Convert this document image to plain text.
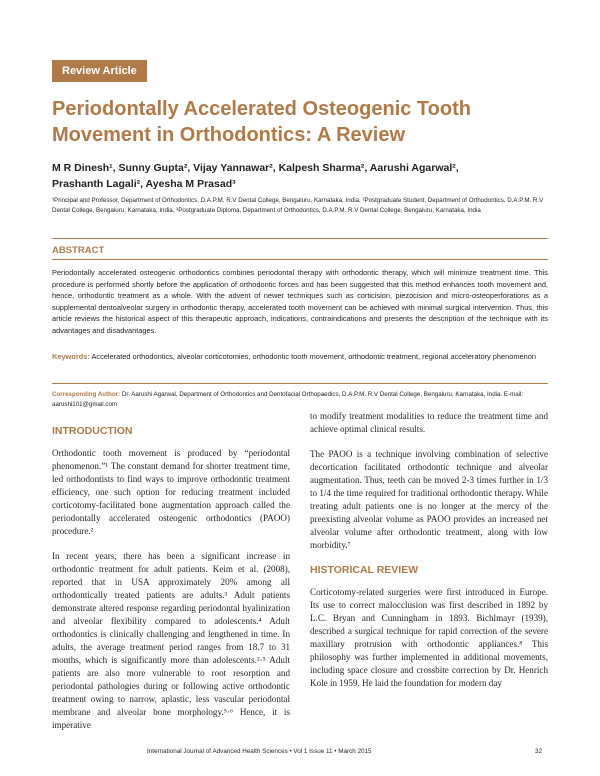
Review Article
Periodontally Accelerated Osteogenic Tooth Movement in Orthodontics: A Review
M R Dinesh¹, Sunny Gupta², Vijay Yannawar², Kalpesh Sharma², Aarushi Agarwal²,
Prashanth Lagali², Ayesha M Prasad³

¹Principal and Professor, Department of Orthodontics, D.A.P.M. R.V Dental College, Bengaluru, Karnataka, India, ²Postgraduate Student, Department of Orthodontics, D.A.P.M. R.V Dental College, Bengaluru, Karnataka, India, ³Postgraduate Diploma, Department of Orthodontics, D.A.P.M. R.V Dental College, Bengaluru, Karnataka, India

ABSTRACT

Periodontally accelerated osteogenic orthodontics combines periodontal therapy with orthodontic therapy, which will minimize treatment time. This procedure is performed shortly before the application of orthodontic forces and has been suggested that this method enhances tooth movement and, hence, orthodontic treatment as a whole. With the advent of newer techniques such as corticision, piezocision and micro-osteoperforations as a supplemental dentoalveolar surgery in orthodontic therapy, accelerated tooth movement can be achieved with minimal surgical intervention. Thus, this article reviews the historical aspect of this therapeutic approach, indications, contraindications and presents the description of the technique with its advantages and disadvantages.

Keywords: Accelerated orthodontics, alveolar corticotomies, orthodontic tooth movement, orthodontic treatment, regional acceleratory phenomenon

Corresponding Author: Dr. Aarushi Agarwal, Department of Orthodontics and Dentofacial Orthopaedics, D.A.P.M. R.V Dental College, Bengaluru, Karnataka, India. E-mail: aarushi101@gmail.com

INTRODUCTION

Orthodontic tooth movement is produced by “periodontal phenomenon.”¹ The constant demand for shorter treatment time, led orthodontists to find ways to improve orthodontic treatment efficiency, one such option for reducing treatment included corticotomy-facilitated bone augmentation approach called the periodontally accelerated osteogenic orthodontics (PAOO) procedure.²

In recent years, there has been a significant increase in orthodontic treatment for adult patients. Keim et al. (2008), reported that in USA approximately 20% among all orthodontically treated patients are adults.³ Adult patients demonstrate altered response regarding periodontal hyalinization and alveolar flexibility compared to adolescents.⁴ Adult orthodontics is clinically challenging and lengthened in time. In adults, the average treatment period ranges from 18.7 to 31 months, which is significantly more than adolescents.²·⁵ Adult patients are also more vulnerable to root resorption and periodontal pathologies during or following active orthodontic treatment owing to narrow, aplastic, less vascular periodontal membrane and alveolar bone morphology.⁵·⁶ Hence, it is imperative

to modify treatment modalities to reduce the treatment time and achieve optimal clinical results.

The PAOO is a technique involving combination of selective decortication facilitated orthodontic technique and alveolar augmentation. Thus, teeth can be moved 2-3 times further in 1/3 to 1/4 the time required for traditional orthodontic therapy. While treating adult patients one is no longer at the mercy of the preexisting alveolar volume as PAOO provides an increased net alveolar volume after orthodontic treatment, along with low morbidity.⁷

HISTORICAL REVIEW

Corticotomy-related surgeries were first introduced in Europe. Its use to correct malocclusion was first described in 1892 by L.C. Bryan and Cunningham in 1893. Bichlmayr (1939), described a surgical technique for rapid correction of the severe maxillary protrusion with orthodontic appliances.⁸ This philosophy was further implemented in additional movements, including space closure and crossbite correction by Dr. Henrich Kole in 1959. He laid the foundation for modern day

International Journal of Advanced Health Sciences • Vol 1 Issue 11 • March 2015	32
